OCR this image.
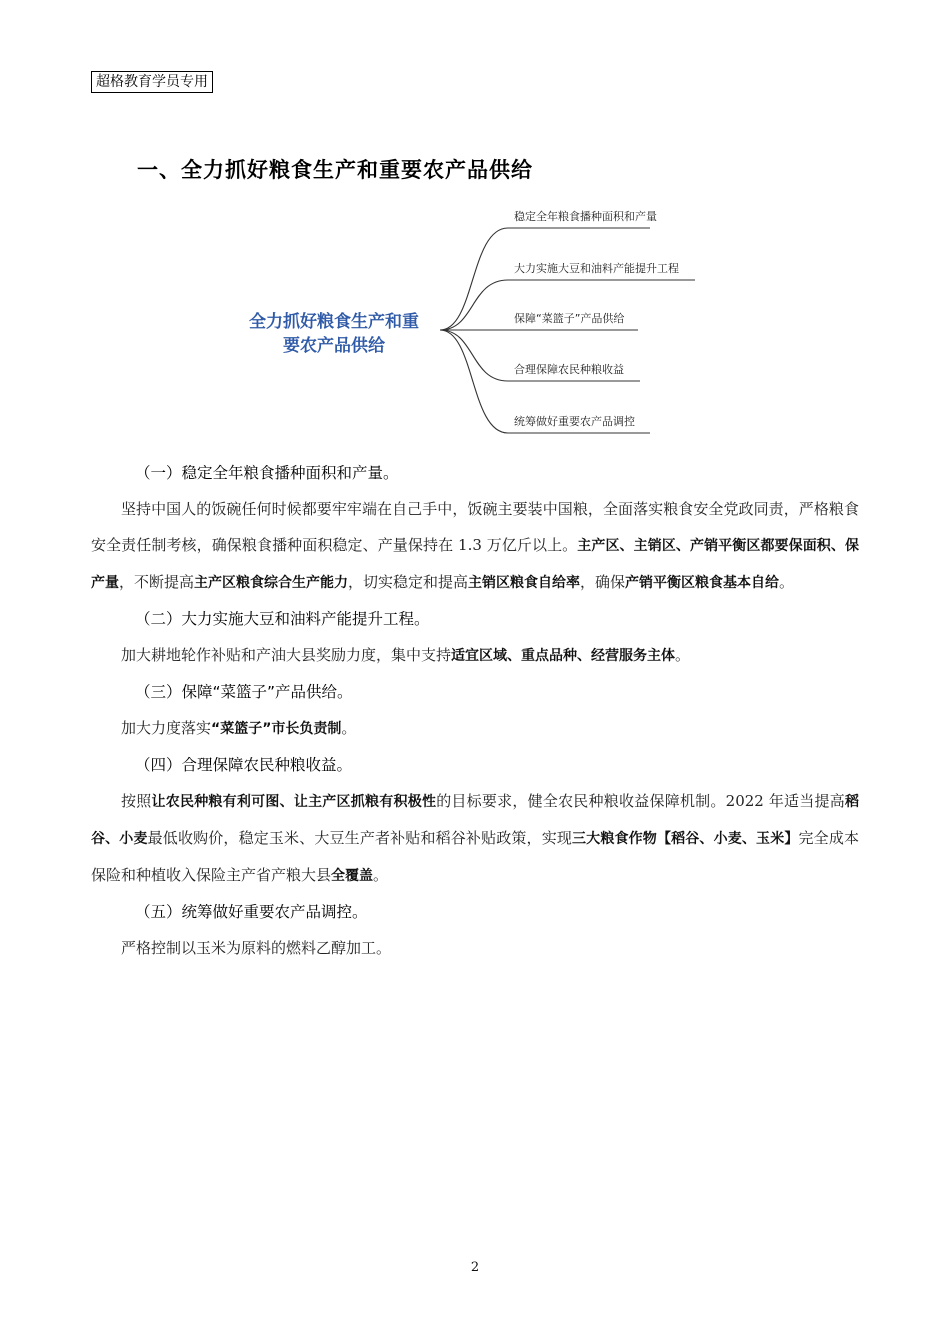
超格教育学员专用
一、全力抓好粮食生产和重要农产品供给
稳定全年粮食播种面积和产量
大力实施大豆和油料产能提升工程
保障“菜篮子”产品供给
合理保障农民种粮收益
统筹做好重要农产品调控
全力抓好粮食生产和重
要农产品供给

（一）稳定全年粮食播种面积和产量。

坚持中国人的饭碗任何时候都要牢牢端在自己手中，饭碗主要装中国粮，全面落实粮食安全党政同责，严格粮食安全责任制考核，确保粮食播种面积稳定、产量保持在 1.3 万亿斤以上。主产区、主销区、产销平衡区都要保面积、保产量，不断提高主产区粮食综合生产能力，切实稳定和提高主销区粮食自给率，确保产销平衡区粮食基本自给。

（二）大力实施大豆和油料产能提升工程。

加大耕地轮作补贴和产油大县奖励力度，集中支持适宜区域、重点品种、经营服务主体。

（三）保障“菜篮子”产品供给。

加大力度落实“菜篮子”市长负责制。

（四）合理保障农民种粮收益。

按照让农民种粮有利可图、让主产区抓粮有积极性的目标要求，健全农民种粮收益保障机制。2022 年适当提高稻谷、小麦最低收购价，稳定玉米、大豆生产者补贴和稻谷补贴政策，实现三大粮食作物【稻谷、小麦、玉米】完全成本保险和种植收入保险主产省产粮大县全覆盖。

（五）统筹做好重要农产品调控。

严格控制以玉米为原料的燃料乙醇加工。

2
